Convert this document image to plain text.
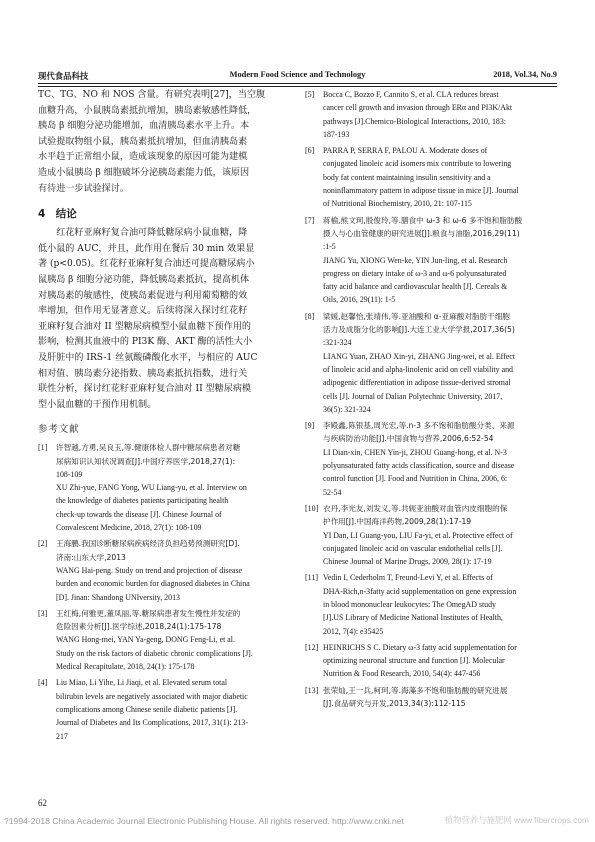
现代食品科技	Modern Food Science and Technology	2018, Vol.34, No.9
TC、TG、NO 和 NOS 含量。有研究表明[27]，当空腹
血糖升高，小鼠胰岛素抵抗增加，胰岛素敏感性降低，
胰岛 β 细胞分泌功能增加，血清胰岛素水平上升。本
试验提取物组小鼠，胰岛素抵抗增加，但血清胰岛素
水平趋于正常组小鼠，造成该现象的原因可能为建模
造成小鼠胰岛 β 细胞破坏分泌胰岛素能力低，该原因
有待进一步试验探讨。
4　结论
红花籽亚麻籽复合油可降低糖尿病小鼠血糖，降
低小鼠的 AUC，并且，此作用在餐后 30 min 效果显
著 (p<0.05)。红花籽亚麻籽复合油还可提高糖尿病小
鼠胰岛 β 细胞分泌功能，降低胰岛素抵抗，提高机体
对胰岛素的敏感性，使胰岛素促进与利用葡萄糖的效
率增加，但作用无显著意义。后续将深入探讨红花籽
亚麻籽复合油对 II 型糖尿病模型小鼠血糖下预作用的
影响，检测其血液中的 PI3K 酶、AKT 酶的活性大小
及肝脏中的 IRS-1 丝氨酸磷酸化水平，与相应的 AUC
相对值、胰岛素分泌指数、胰岛素抵抗指数，进行关
联性分析，探讨红花籽亚麻籽复合油对 II 型糖尿病模
型小鼠血糖的干预作用机制。
参考文献
[1]	许智越,方勇,吴良玉,等.健康体检人群中糖尿病患者对糖
尿病知识认知状况调查[J].中国疗养医学,2018,27(1):
108-109
XU Zhi-yue, FANG Yong, WU Liang-yu, et al. Interview on
the knowledge of diabetes patients participating health
check-up towards the disease [J]. Chinese Journal of
Convalescent Medicine, 2018, 27(1): 108-109
[2]	王海鹏.我国诊断糖尿病疾病经济负担趋势预测研究[D].
济南:山东大学,2013
WANG Hai-peng. Study on trend and projection of disease
burden and economic burden for diagnosed diabetes in China
[D]. Jinan: Shandong UNIversity, 2013
[3]	王红梅,何雅更,董凤丽,等.糖尿病患者发生慢性并发症的
危险因素分析[J].医学综述,2018,24(1):175-178
WANG Hong-mei, YAN Ya-geng, DONG Feng-Li, et al.
Study on the risk factors of diabetic chronic complications [J].
Medical Recapitulate, 2018, 24(1): 175-178
[4]	Liu Miao, Li Yihe, Li Jiaqi, et al. Elevated serum total
bilirubin levels are negatively associated with major diabetic
complications among Chinese senile diabetic patients [J].
Journal of Diabetes and Its Complications, 2017, 31(1): 213-
217
[5]	Bocca C, Bozzo F, Cannito S, et al. CLA reduces breast
cancer cell growth and invasion through ERα and PI3K/Akt
pathways [J].Chemico-Biological Interactions, 2010, 183:
187-193
[6]	PARRA P, SERRA F, PALOU A. Moderate doses of
conjugated linoleic acid isomers mix contribute to lowering
body fat content maintaining insulin sensitivity and a
noninflammatory pattern in adipose tissue in mice [J]. Journal
of Nutritional Biochemistry, 2010, 21: 107-115
[7]	蒋榆,熊文珂,殷俊玲,等.膳食中 ω-3 和 ω-6 多不饱和脂肪酸
摄入与心血管健康的研究进展[J].粮食与油脂,2016,29(11)
:1-5
JIANG Yu, XIONG Wen-ke, YIN Jun-ling, et al. Research
progress on dietary intake of ω-3 and ω-6 polyunsaturated
fatty acid balance and cardiovascular health [J]. Cereals &
Oils, 2016, 29(11): 1-5
[8]	梁媛,赵馨怡,张靖伟,等.亚油酸和 α-亚麻酸对脂肪干细胞
活力及成脂分化的影响[J].大连工业大学学报,2017,36(5)
:321-324
LIANG Yuan, ZHAO Xin-yi, ZHANG Jing-wei, et al. Effect
of linoleic acid and alpha-linolenic acid on cell viability and
adipogenic differentiation in adipose tissue-derived stromal
cells [J]. Journal of Dalian Polytechnic University, 2017,
36(5): 321-324
[9]	李殿鑫,陈银基,周光宏,等.n-3 多不饱和脂肪酸分类、来源
与疾病防治功能[J].中国食物与营养,2006,6:52-54
LI Dian-xin, CHEN Yin-ji, ZHOU Guang-hong, et al. N-3
polyunsaturated fatty acids classification, source and disease
control function [J]. Food and Nutrition in China, 2006, 6:
52-54
[10] 衣丹,李光友,刘发义,等.共轭亚油酸对血管内皮细胞的保
护作用[J].中国海洋药物,2009,28(1):17-19
YI Dan, LI Guang-you, LIU Fa-yi, et al. Protective effect of
conjugated linoleic acid on vascular endothelial cells [J].
Chinese Journal of Marine Drugs, 2009, 28(1): 17-19
[11] Vedin I, Cederholm T, Freund-Levi Y, et al. Effects of
DHA-Rich,n-3fatty acid supplementation on gene expression
in blood mononuclear leukocytes: The OmegAD study
[J].US Library of Medicine National Institutes of Health,
2012, 7(4): e35425
[12] HEINRICHS S C. Dietary ω-3 fatty acid supplementation for
optimizing neuronal structure and function [J]. Molecular
Nutrition & Food Research, 2010, 54(4): 447-456
[13] 张荣灿,王一兵,柯珂,等.海藻多不饱和脂肪酸的研究进展
[J].食品研究与开发,2013,34(3):112-115
62
?1994-2018 China Academic Journal Electronic Publishing House. All rights reserved. http://www.cnki.net	植物营养与施肥网 www.fibercrops.com
